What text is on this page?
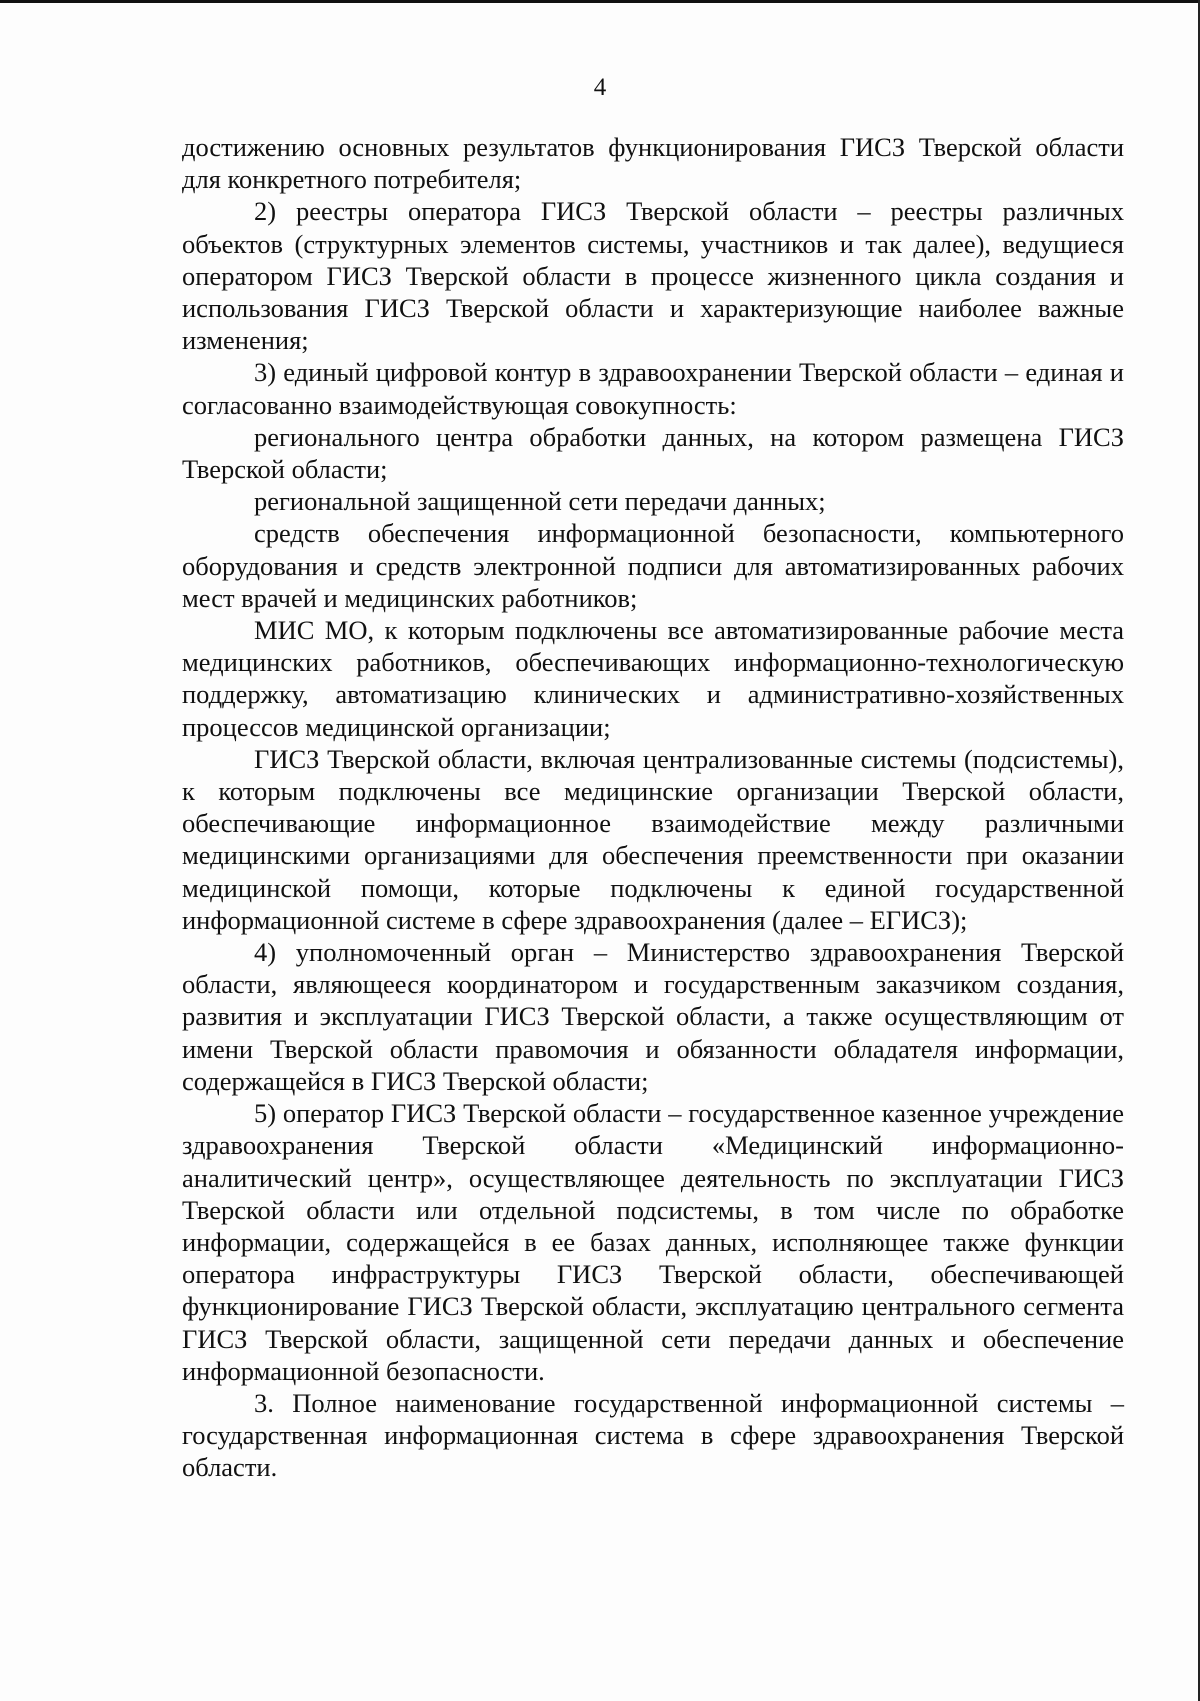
4

достижению основных результатов функционирования ГИСЗ Тверской области для конкретного потребителя;

2) реестры оператора ГИСЗ Тверской области – реестры различных объектов (структурных элементов системы, участников и так далее), ведущиеся оператором ГИСЗ Тверской области в процессе жизненного цикла создания и использования ГИСЗ Тверской области и характеризующие наиболее важные изменения;

3) единый цифровой контур в здравоохранении Тверской области – единая и согласованно взаимодействующая совокупность:

регионального центра обработки данных, на котором размещена ГИСЗ Тверской области;

региональной защищенной сети передачи данных;

средств обеспечения информационной безопасности, компьютерного оборудования и средств электронной подписи для автоматизированных рабочих мест врачей и медицинских работников;

МИС МО, к которым подключены все автоматизированные рабочие места медицинских работников, обеспечивающих информационно-технологическую поддержку, автоматизацию клинических и административно-хозяйственных процессов медицинской организации;

ГИСЗ Тверской области, включая централизованные системы (подсистемы), к которым подключены все медицинские организации Тверской области, обеспечивающие информационное взаимодействие между различными медицинскими организациями для обеспечения преемственности при оказании медицинской помощи, которые подключены к единой государственной информационной системе в сфере здравоохранения (далее – ЕГИСЗ);

4) уполномоченный орган – Министерство здравоохранения Тверской области, являющееся координатором и государственным заказчиком создания, развития и эксплуатации ГИСЗ Тверской области, а также осуществляющим от имени Тверской области правомочия и обязанности обладателя информации, содержащейся в ГИСЗ Тверской области;

5) оператор ГИСЗ Тверской области – государственное казенное учреждение здравоохранения Тверской области «Медицинский информационно-аналитический центр», осуществляющее деятельность по эксплуатации ГИСЗ Тверской области или отдельной подсистемы, в том числе по обработке информации, содержащейся в ее базах данных, исполняющее также функции оператора инфраструктуры ГИСЗ Тверской области, обеспечивающей функционирование ГИСЗ Тверской области, эксплуатацию центрального сегмента ГИСЗ Тверской области, защищенной сети передачи данных и обеспечение информационной безопасности.

3. Полное наименование государственной информационной системы – государственная информационная система в сфере здравоохранения Тверской области.
